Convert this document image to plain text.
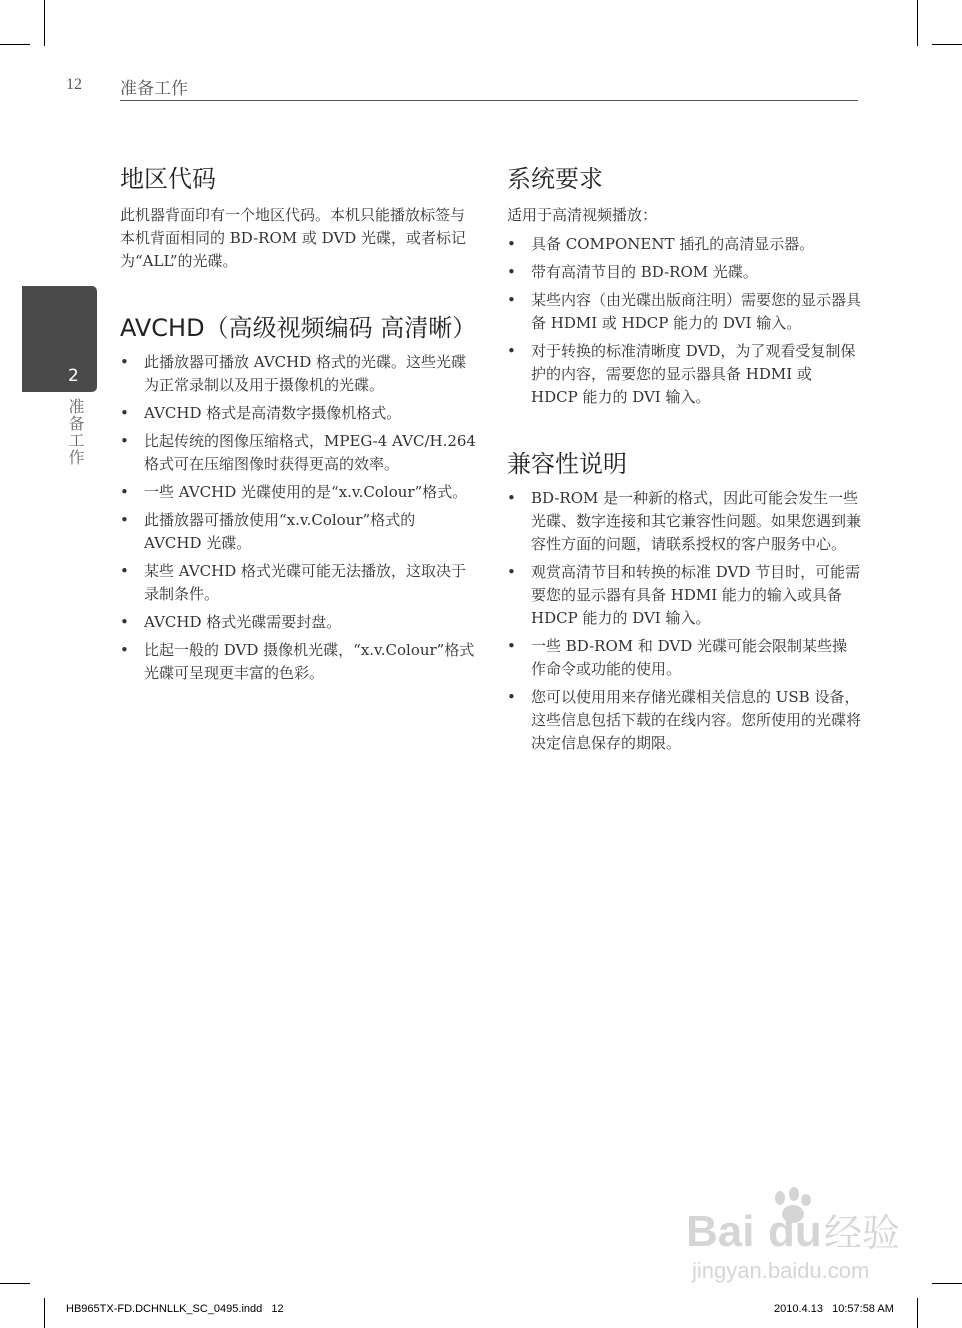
12 准备工作
2
准备工作
地区代码

此机器背面印有一个地区代码。本机只能播放标签与本机背面相同的 BD-ROM 或 DVD 光碟，或者标记为“ALL”的光碟。

AVCHD（高级视频编码 高清晰）
• 此播放器可播放 AVCHD 格式的光碟。这些光碟为正常录制以及用于摄像机的光碟。
• AVCHD 格式是高清数字摄像机格式。
• 比起传统的图像压缩格式，MPEG-4 AVC/H.264 格式可在压缩图像时获得更高的效率。
• 一些 AVCHD 光碟使用的是“x.v.Colour”格式。
• 此播放器可播放使用“x.v.Colour”格式的 AVCHD 光碟。
• 某些 AVCHD 格式光碟可能无法播放，这取决于录制条件。
• AVCHD 格式光碟需要封盘。
• 比起一般的 DVD 摄像机光碟，“x.v.Colour”格式光碟可呈现更丰富的色彩。
系统要求

适用于高清视频播放：

• 具备 COMPONENT 插孔的高清显示器。
• 带有高清节目的 BD-ROM 光碟。
• 某些内容（由光碟出版商注明）需要您的显示器具备 HDMI 或 HDCP 能力的 DVI 输入。
• 对于转换的标准清晰度 DVD，为了观看受复制保护的内容，需要您的显示器具备 HDMI 或 HDCP 能力的 DVI 输入。
兼容性说明
• BD-ROM 是一种新的格式，因此可能会发生一些光碟、数字连接和其它兼容性问题。如果您遇到兼容性方面的问题，请联系授权的客户服务中心。
• 观赏高清节目和转换的标准 DVD 节目时，可能需要您的显示器有具备 HDMI 能力的输入或具备 HDCP 能力的 DVI 输入。
• 一些 BD-ROM 和 DVD 光碟可能会限制某些操作命令或功能的使用。
• 您可以使用用来存储光碟相关信息的 USB 设备，这些信息包括下载的在线内容。您所使用的光碟将决定信息保存的期限。
Bai du 经验
jingyan.baidu.com
HB965TX-FD.DCHNLLK_SC_0495.indd   12	2010.4.13   10:57:58 AM
